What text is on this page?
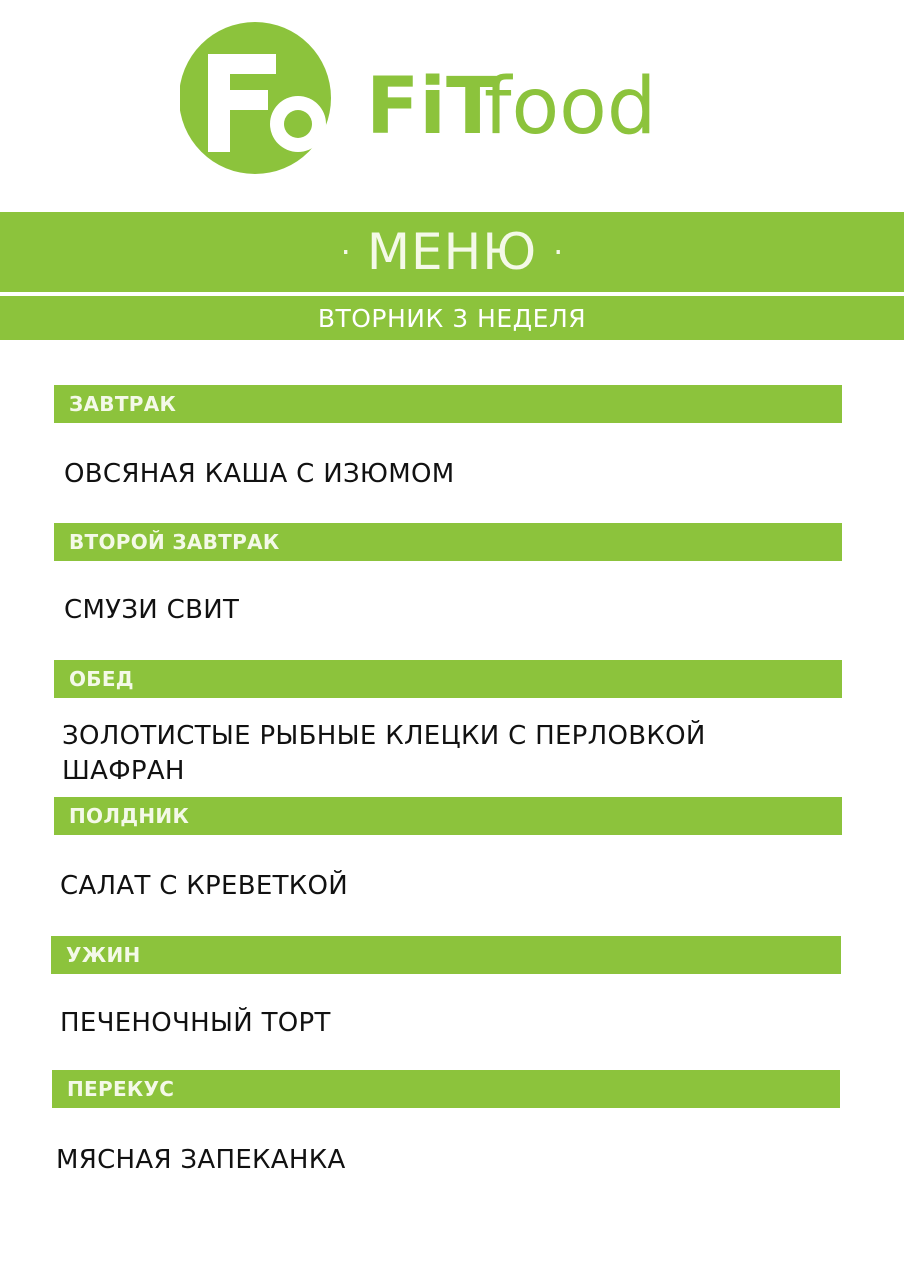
FiT
food
· МЕНЮ ·
ВТОРНИК 3 НЕДЕЛЯ
ЗАВТРАК
ОВСЯНАЯ КАША С ИЗЮМОМ
ВТОРОЙ ЗАВТРАК
СМУЗИ СВИТ
ОБЕД
ЗОЛОТИСТЫЕ РЫБНЫЕ КЛЕЦКИ С ПЕРЛОВКОЙ
ШАФРАН
ПОЛДНИК
САЛАТ С КРЕВЕТКОЙ
УЖИН
ПЕЧЕНОЧНЫЙ ТОРТ
ПЕРЕКУС
МЯСНАЯ ЗАПЕКАНКА
